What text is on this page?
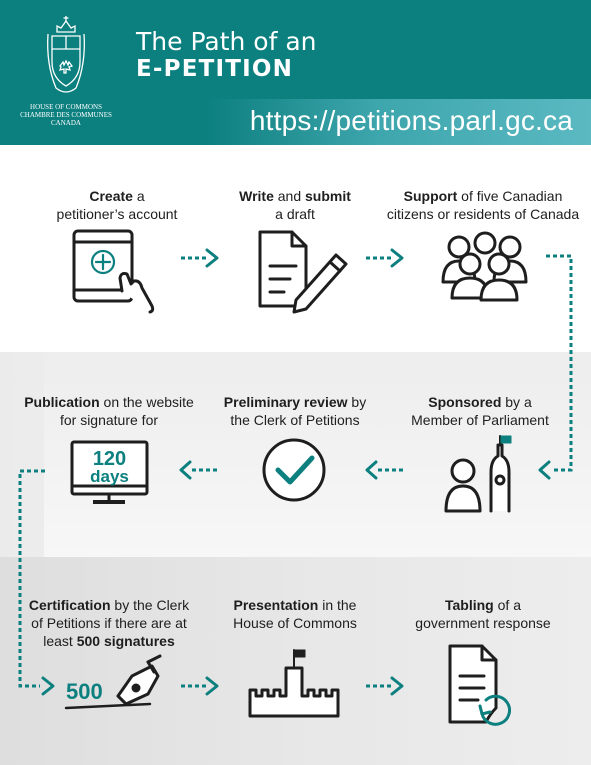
https://petitions.parl.gc.ca
HOUSE OF COMMONS
CHAMBRE DES COMMUNES
CANADA
The Path of an
E-PETITION
Create a
petitioner’s account
Write and submit
a draft
Support of five Canadian
citizens or residents of Canada
Sponsored by a
Member of Parliament
Preliminary review by
the Clerk of Petitions
Publication on the website
for signature for
Certification by the Clerk
of Petitions if there are at
least 500 signatures
Presentation in the
House of Commons
Tabling of a
government response
120
days
500
